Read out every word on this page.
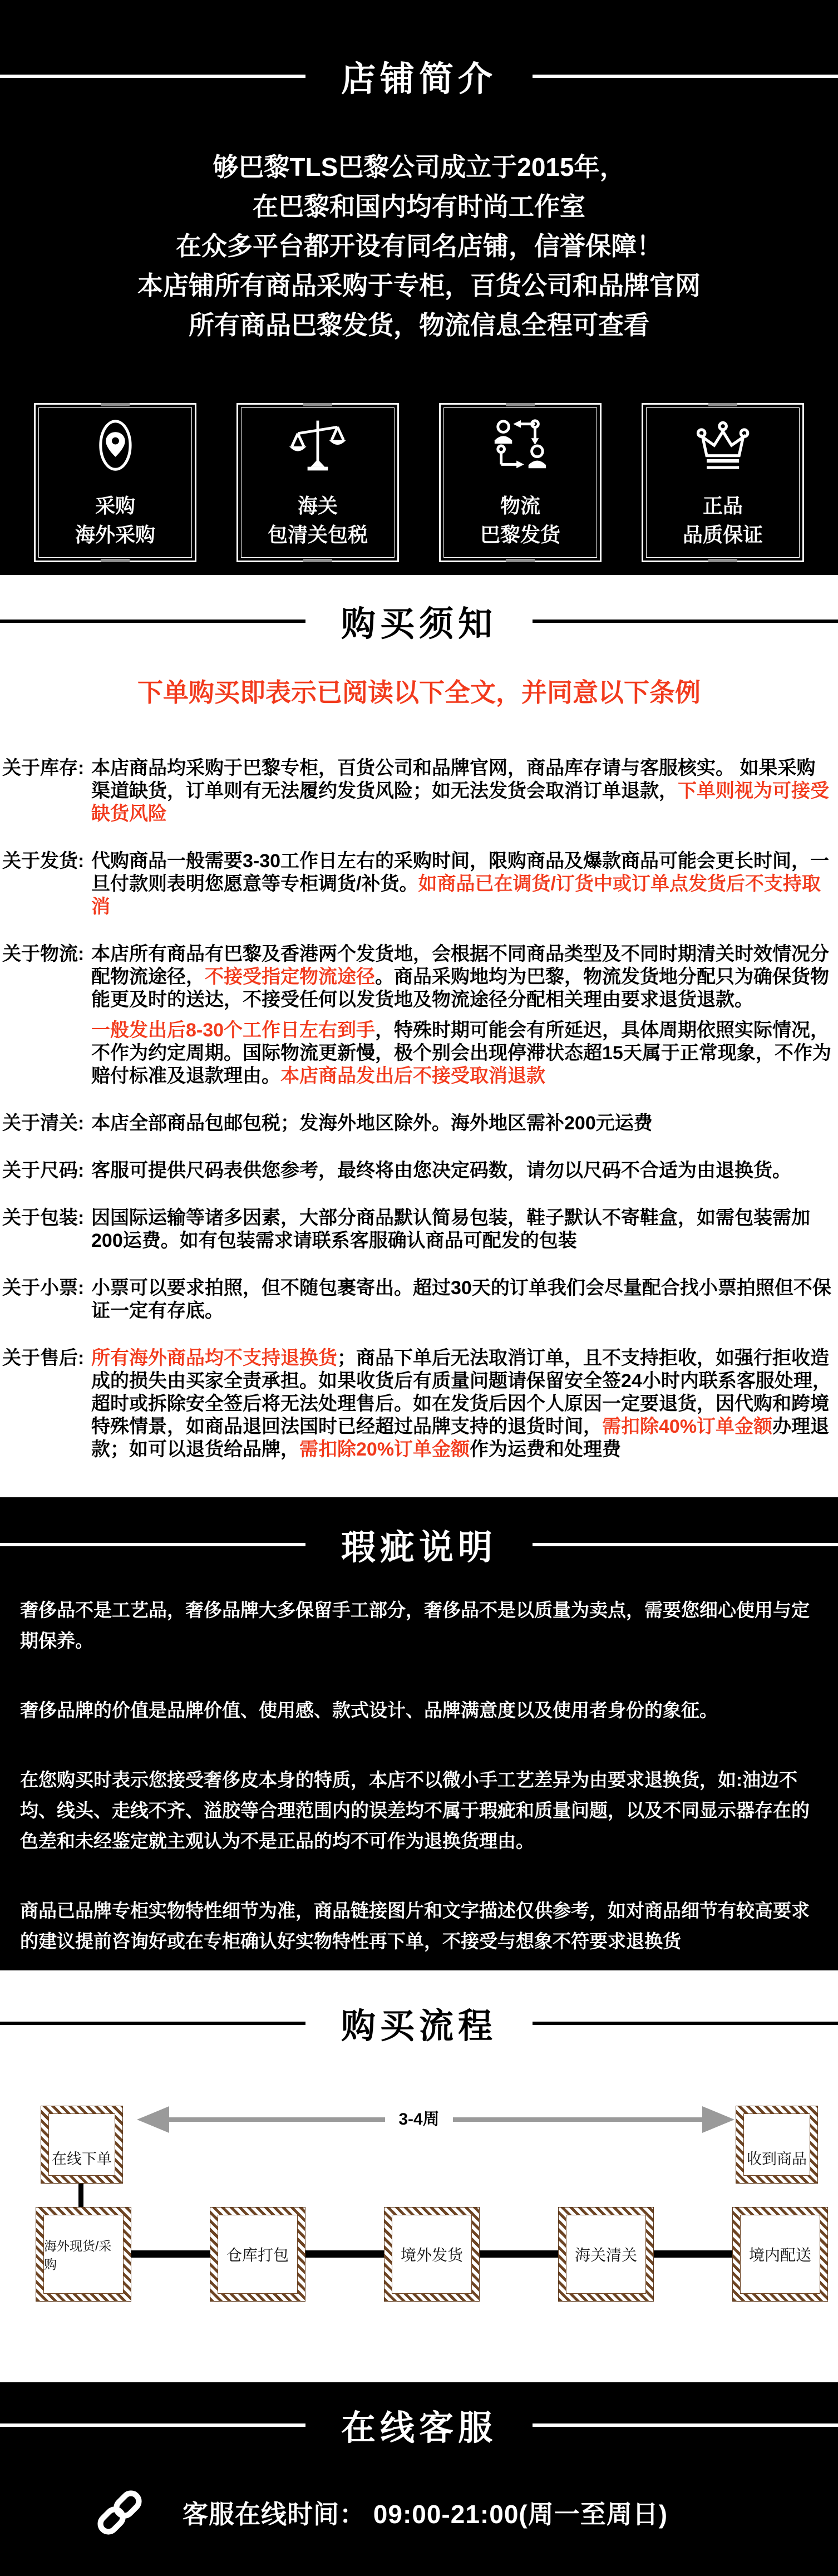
店铺简介
够巴黎TLS巴黎公司成立于2015年，
在巴黎和国内均有时尚工作室
在众多平台都开设有同名店铺，信誉保障！
本店铺所有商品采购于专柜，百货公司和品牌官网
所有商品巴黎发货，物流信息全程可查看
采购
海外采购
海关
包清关包税
物流
巴黎发货
正品
品质保证
购买须知
下单购买即表示已阅读以下全文，并同意以下条例
关于库存: 本店商品均采购于巴黎专柜，百货公司和品牌官网，商品库存请与客服核实。 如果采购渠道缺货，订单则有无法履约发货风险；如无法发货会取消订单退款，下单则视为可接受缺货风险

关于发货: 代购商品一般需要3-30工作日左右的采购时间，限购商品及爆款商品可能会更长时间，一旦付款则表明您愿意等专柜调货/补货。如商品已在调货/订货中或订单点发货后不支持取消

关于物流: 本店所有商品有巴黎及香港两个发货地，会根据不同商品类型及不同时期清关时效情况分配物流途径，不接受指定物流途径。商品采购地均为巴黎，物流发货地分配只为确保货物能更及时的送达，不接受任何以发货地及物流途径分配相关理由要求退货退款。

一般发出后8-30个工作日左右到手，特殊时期可能会有所延迟，具体周期依照实际情况，不作为约定周期。国际物流更新慢，极个别会出现停滞状态超15天属于正常现象，不作为赔付标准及退款理由。本店商品发出后不接受取消退款

关于清关: 本店全部商品包邮包税；发海外地区除外。海外地区需补200元运费

关于尺码: 客服可提供尺码表供您参考，最终将由您决定码数，请勿以尺码不合适为由退换货。

关于包装: 因国际运输等诸多因素，大部分商品默认简易包装，鞋子默认不寄鞋盒，如需包装需加200运费。如有包装需求请联系客服确认商品可配发的包装

关于小票: 小票可以要求拍照，但不随包裹寄出。超过30天的订单我们会尽量配合找小票拍照但不保证一定有存底。

关于售后: 所有海外商品均不支持退换货；商品下单后无法取消订单，且不支持拒收，如强行拒收造成的损失由买家全责承担。如果收货后有质量问题请保留安全签24小时内联系客服处理，超时或拆除安全签后将无法处理售后。如在发货后因个人原因一定要退货，因代购和跨境特殊情景，如商品退回法国时已经超过品牌支持的退货时间，需扣除40%订单金额办理退款；如可以退货给品牌，需扣除20%订单金额作为运费和处理费

瑕疵说明

奢侈品不是工艺品，奢侈品牌大多保留手工部分，奢侈品不是以质量为卖点，需要您细心使用与定期保养。

奢侈品牌的价值是品牌价值、使用感、款式设计、品牌满意度以及使用者身份的象征。

在您购买时表示您接受奢侈皮本身的特质，本店不以微小手工艺差异为由要求退换货，如:油边不均、线头、走线不齐、溢胶等合理范围内的误差均不属于瑕疵和质量问题，以及不同显示器存在的色差和未经鉴定就主观认为不是正品的均不可作为退换货理由。

商品已品牌专柜实物特性细节为准，商品链接图片和文字描述仅供参考，如对商品细节有较高要求的建议提前咨询好或在专柜确认好实物特性再下单，不接受与想象不符要求退换货

购买流程
在线下单
3-4周
收到商品
海外现货/采购
仓库打包	境外发货	海关清关	境内配送
在线客服
客服在线时间： 09:00-21:00(周一至周日)
